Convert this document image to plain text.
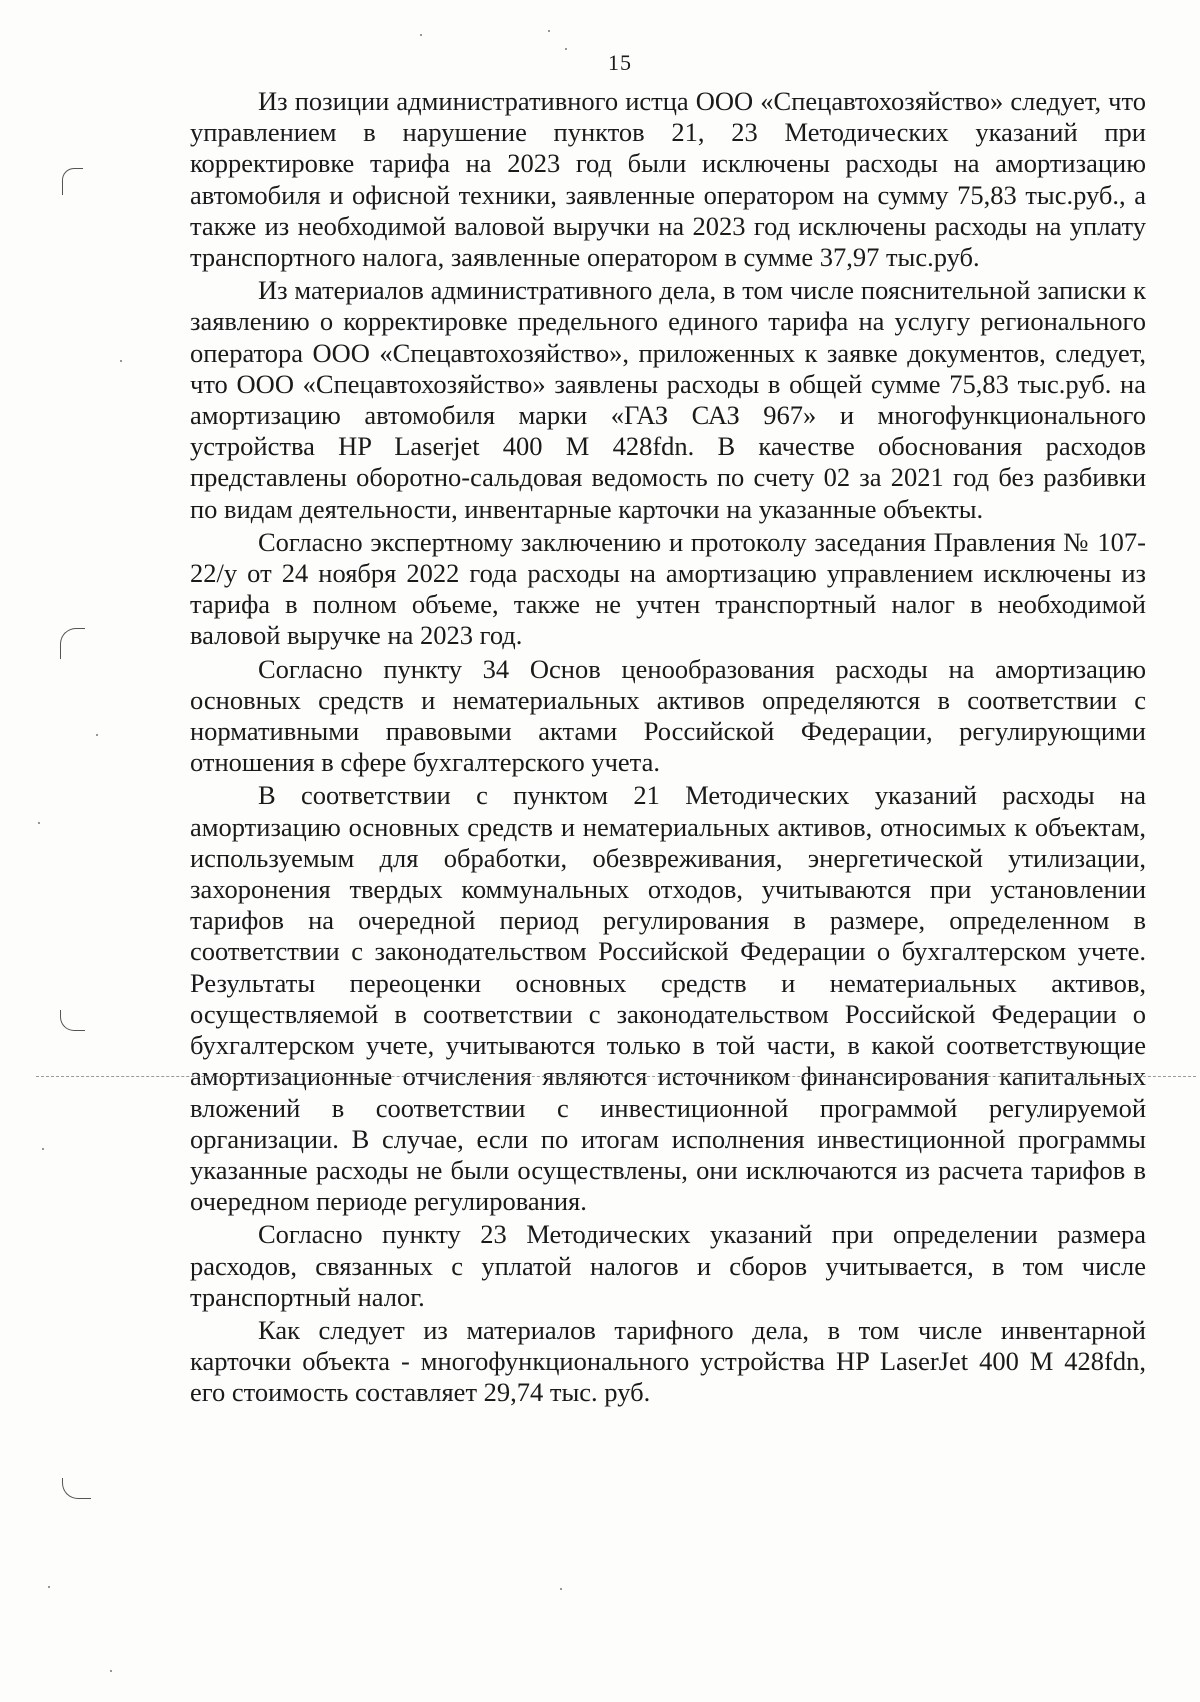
15

Из позиции административного истца ООО «Спецавтохозяйство» следует, что управлением в нарушение пунктов 21, 23 Методических указаний при корректировке тарифа на 2023 год были исключены расходы на амортизацию автомобиля и офисной техники, заявленные оператором на сумму 75,83 тыс.руб., а также из необходимой валовой выручки на 2023 год исключены расходы на уплату транспортного налога, заявленные оператором в сумме 37,97 тыс.руб.

Из материалов административного дела, в том числе пояснительной записки к заявлению о корректировке предельного единого тарифа на услугу регионального оператора ООО «Спецавтохозяйство», приложенных к заявке документов, следует, что ООО «Спецавтохозяйство» заявлены расходы в общей сумме 75,83 тыс.руб. на амортизацию автомобиля марки «ГАЗ САЗ 967» и многофункционального устройства HP Laserjet 400 M 428fdn. В качестве обоснования расходов представлены оборотно-сальдовая ведомость по счету 02 за 2021 год без разбивки по видам деятельности, инвентарные карточки на указанные объекты.

Согласно экспертному заключению и протоколу заседания Правления № 107-22/у от 24 ноября 2022 года расходы на амортизацию управлением исключены из тарифа в полном объеме, также не учтен транспортный налог в необходимой валовой выручке на 2023 год.

Согласно пункту 34 Основ ценообразования расходы на амортизацию основных средств и нематериальных активов определяются в соответствии с нормативными правовыми актами Российской Федерации, регулирующими отношения в сфере бухгалтерского учета.

В соответствии с пунктом 21 Методических указаний расходы на амортизацию основных средств и нематериальных активов, относимых к объектам, используемым для обработки, обезвреживания, энергетической утилизации, захоронения твердых коммунальных отходов, учитываются при установлении тарифов на очередной период регулирования в размере, определенном в соответствии с законодательством Российской Федерации о бухгалтерском учете. Результаты переоценки основных средств и нематериальных активов, осуществляемой в соответствии с законодательством Российской Федерации о бухгалтерском учете, учитываются только в той части, в какой соответствующие амортизационные отчисления являются источником финансирования капитальных вложений в соответствии с инвестиционной программой регулируемой организации. В случае, если по итогам исполнения инвестиционной программы указанные расходы не были осуществлены, они исключаются из расчета тарифов в очередном периоде регулирования.

Согласно пункту 23 Методических указаний при определении размера расходов, связанных с уплатой налогов и сборов учитывается, в том числе транспортный налог.

Как следует из материалов тарифного дела, в том числе инвентарной карточки объекта - многофункционального устройства HP LaserJet 400 M 428fdn, его стоимость составляет 29,74 тыс. руб.
